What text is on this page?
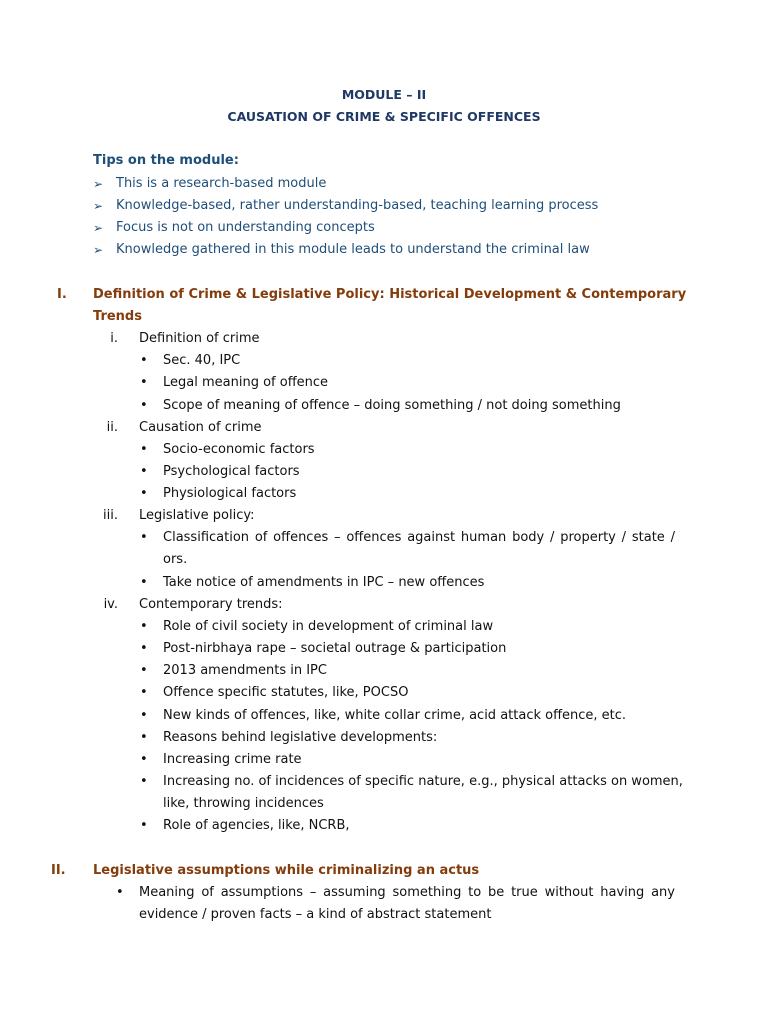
MODULE – II
CAUSATION OF CRIME & SPECIFIC OFFENCES
Tips on the module:
➢ This is a research-based module
➢ Knowledge-based, rather understanding-based, teaching learning process
➢ Focus is not on understanding concepts
➢ Knowledge gathered in this module leads to understand the criminal law
I. Definition of Crime & Legislative Policy: Historical Development & Contemporary
Trends
i. Definition of crime
• Sec. 40, IPC
• Legal meaning of offence
• Scope of meaning of offence – doing something / not doing something
ii. Causation of crime
• Socio-economic factors
• Psychological factors
• Physiological factors
iii. Legislative policy:
• Classification of offences – offences against human body / property / state /
ors.
• Take notice of amendments in IPC – new offences
iv. Contemporary trends:
• Role of civil society in development of criminal law
• Post-nirbhaya rape – societal outrage & participation
• 2013 amendments in IPC
• Offence specific statutes, like, POCSO
• New kinds of offences, like, white collar crime, acid attack offence, etc.
• Reasons behind legislative developments:
• Increasing crime rate
• Increasing no. of incidences of specific nature, e.g., physical attacks on women,
like, throwing incidences
• Role of agencies, like, NCRB,
II. Legislative assumptions while criminalizing an actus
• Meaning of assumptions – assuming something to be true without having any
evidence / proven facts – a kind of abstract statement
